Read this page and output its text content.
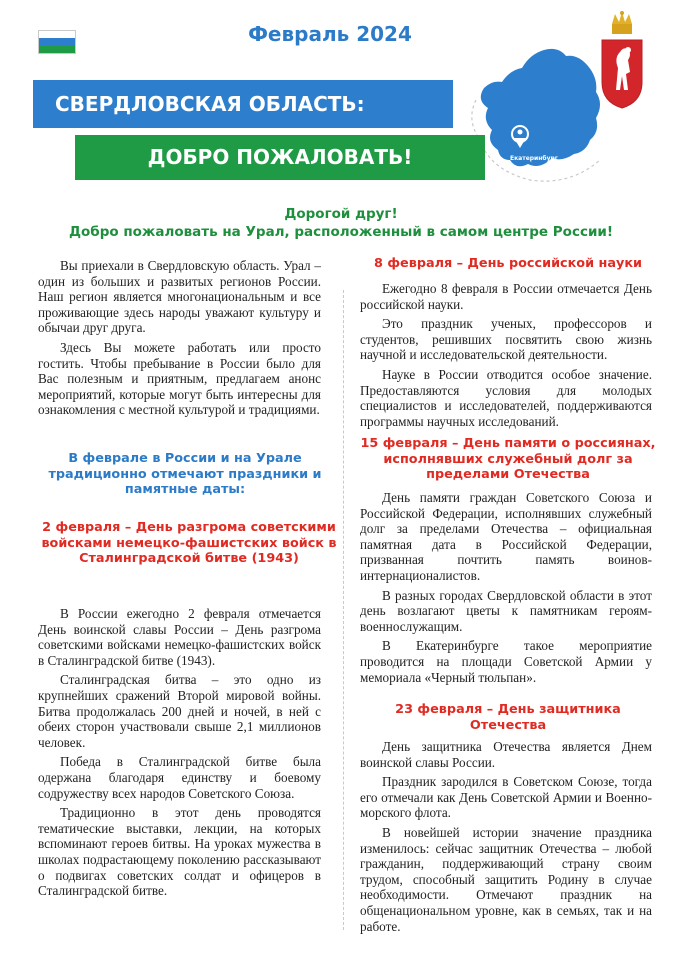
Февраль 2024
СВЕРДЛОВСКАЯ ОБЛАСТЬ:
Екатеринбург
ДОБРО ПОЖАЛОВАТЬ!
Дорогой друг!
Добро пожаловать на Урал, расположенный в самом центре России!

Вы приехали в Свердловскую область. Урал – один из больших и развитых регионов России. Наш регион является многонациональным и все проживающие здесь народы уважают культуру и обычаи друг друга.

Здесь Вы можете работать или просто гостить. Чтобы пребывание в России было для Вас полезным и приятным, предлагаем анонс мероприятий, которые могут быть интересны для ознакомления с местной культурой и традициями.

В феврале в России и на Урале традиционно отмечают праздники и памятные даты:
2 февраля – День разгрома советскими войсками немецко-фашистских войск в Сталинградской битве (1943)

В России ежегодно 2 февраля отмечается День воинской славы России – День разгрома советскими войсками немецко-фашистских войск в Сталинградской битве (1943).

Сталинградская битва – это одно из крупнейших сражений Второй мировой войны. Битва продолжалась 200 дней и ночей, в ней с обеих сторон участвовали свыше 2,1 миллионов человек.

Победа в Сталинградской битве была одержана благодаря единству и боевому содружеству всех народов Советского Союза.

Традиционно в этот день проводятся тематические выставки, лекции, на которых вспоминают героев битвы. На уроках мужества в школах подрастающему поколению рассказывают о подвигах советских солдат и офицеров в Сталинградской битве.

8 февраля – День российской науки

Ежегодно 8 февраля в России отмечается День российской науки.

Это праздник ученых, профессоров и студентов, решивших посвятить свою жизнь научной и исследовательской деятельности.

Науке в России отводится особое значение. Предоставляются условия для молодых специалистов и исследователей, поддерживаются программы научных исследований.

15 февраля – День памяти о россиянах, исполнявших служебный долг за пределами Отечества

День памяти граждан Советского Союза и Российской Федерации, исполнявших служебный долг за пределами Отечества – официальная памятная дата в Российской Федерации, призванная почтить память воинов-интернационалистов.

В разных городах Свердловской области в этот день возлагают цветы к памятникам героям-военнослужащим.

В Екатеринбурге такое мероприятие проводится на площади Советской Армии у мемориала «Черный тюльпан».

23 февраля – День защитника Отечества

День защитника Отечества является Днем воинской славы России.

Праздник зародился в Советском Союзе, тогда его отмечали как День Советской Армии и Военно-морского флота.

В новейшей истории значение праздника изменилось: сейчас защитник Отечества – любой гражданин, поддерживающий страну своим трудом, способный защитить Родину в случае необходимости. Отмечают праздник на общенациональном уровне, как в семьях, так и на работе.
